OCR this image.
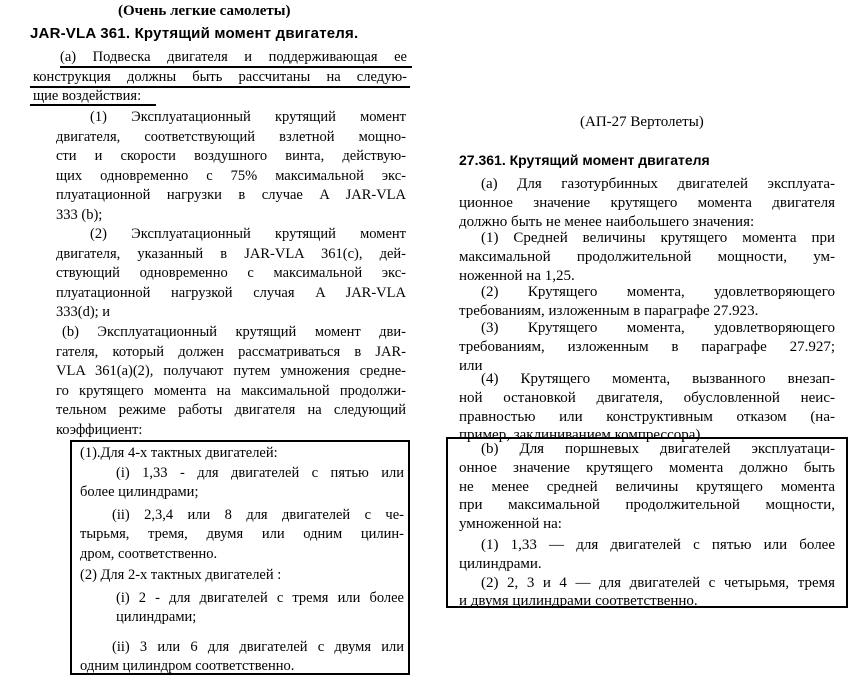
(Очень легкие самолеты)
JAR-VLA 361. Крутящий момент двигателя.
(a) Подвеска двигателя и поддерживающая ее
конструкция должны быть рассчитаны на следую-
щие воздействия:
(1) Эксплуатационный крутящий момент
двигателя, соответствующий взлетной мощно-
сти и скорости воздушного винта, действую-
щих одновременно с 75% максимальной экс-
плуатационной нагрузки в случае A JAR-VLA
333 (b);
(2) Эксплуатационный крутящий момент
двигателя, указанный в JAR-VLA 361(c), дей-
ствующий одновременно с максимальной экс-
плуатационной нагрузкой случая A JAR-VLA
333(d); и
(b) Эксплуатационный крутящий момент дви-
гателя, который должен рассматриваться в JAR-
VLA 361(a)(2), получают путем умножения средне-
го крутящего момента на максимальной продолжи-
тельном режиме работы двигателя на следующий
коэффициент:
(1).Для 4-х тактных двигателей:
(i) 1,33 - для двигателей с пятью или
более цилиндрами;
(ii) 2,3,4 или 8 для двигателей с че-
тырьмя, тремя, двумя или одним цилин-
дром, соответственно.
(2) Для 2-х тактных двигателей :
(i) 2 - для двигателей с тремя или более
цилиндрами;
(ii) 3 или 6 для двигателей с двумя или
одним цилиндром соответственно.
(АП-27 Вертолеты)
27.361. Крутящий момент двигателя
(a) Для газотурбинных двигателей эксплуата-
ционное значение крутящего момента двигателя
должно быть не менее наибольшего значения:
(1) Средней величины крутящего момента при
максимальной продолжительной мощности, ум-
ноженной на 1,25.
(2) Крутящего момента, удовлетворяющего
требованиям, изложенным в параграфе 27.923.
(3) Крутящего момента, удовлетворяющего
требованиям, изложенным в параграфе 27.927;
или
(4) Крутящего момента, вызванного внезап-
ной остановкой двигателя, обусловленной неис-
правностью или конструктивным отказом (на-
пример, заклиниванием компрессора).
(b) Для поршневых двигателей эксплуатаци-
онное значение крутящего момента должно быть
не менее средней величины крутящего момента
при максимальной продолжительной мощности,
умноженной на:
(1) 1,33 — для двигателей с пятью или более
цилиндрами.
(2) 2, 3 и 4 — для двигателей с четырьмя, тремя
и двумя цилиндрами соответственно.
